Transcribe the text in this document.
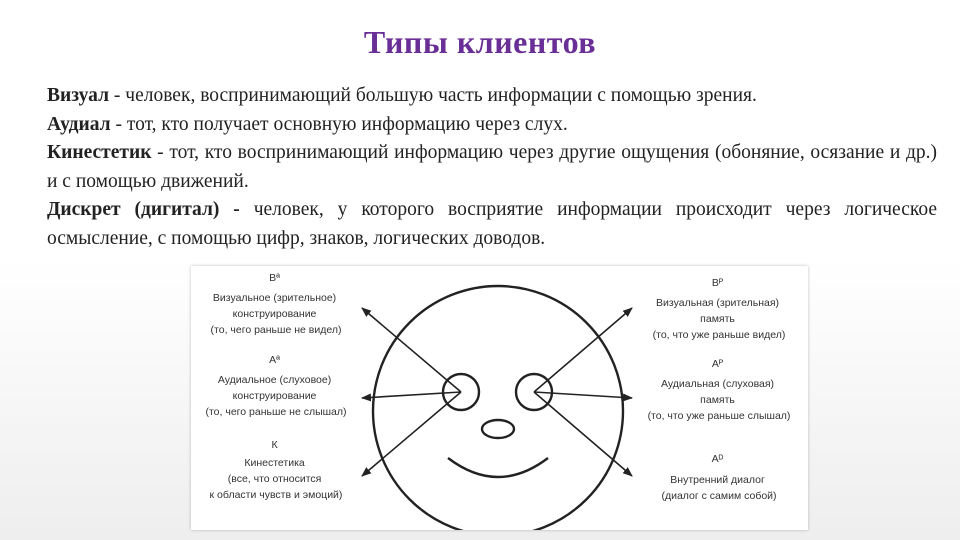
Типы клиентов

Визуал - человек, воспринимающий большую часть информации с помощью зрения.

Аудиал - тот, кто получает основную информацию через слух.

Кинестетик - тот, кто воспринимающий информацию через другие ощущения (обоняние, осязание и др.) и с помощью движений.

Дискрет (дигитал) - человек, у которого восприятие информации происходит через логическое осмысление, с помощью цифр, знаков, логических доводов.

Вª Визуальное (зрительное) конструирование (то, чего раньше не видел)
Аª Аудиальное (слуховое) конструирование (то, чего раньше не слышал)
К Кинестетика (все, что относится к области чувств и эмоций)
Вᴾ Визуальная (зрительная) память (то, что уже раньше видел)
Аᴾ Аудиальная (слуховая) память (то, что уже раньше слышал)
Аᴰ Внутренний диалог (диалог с самим собой)
